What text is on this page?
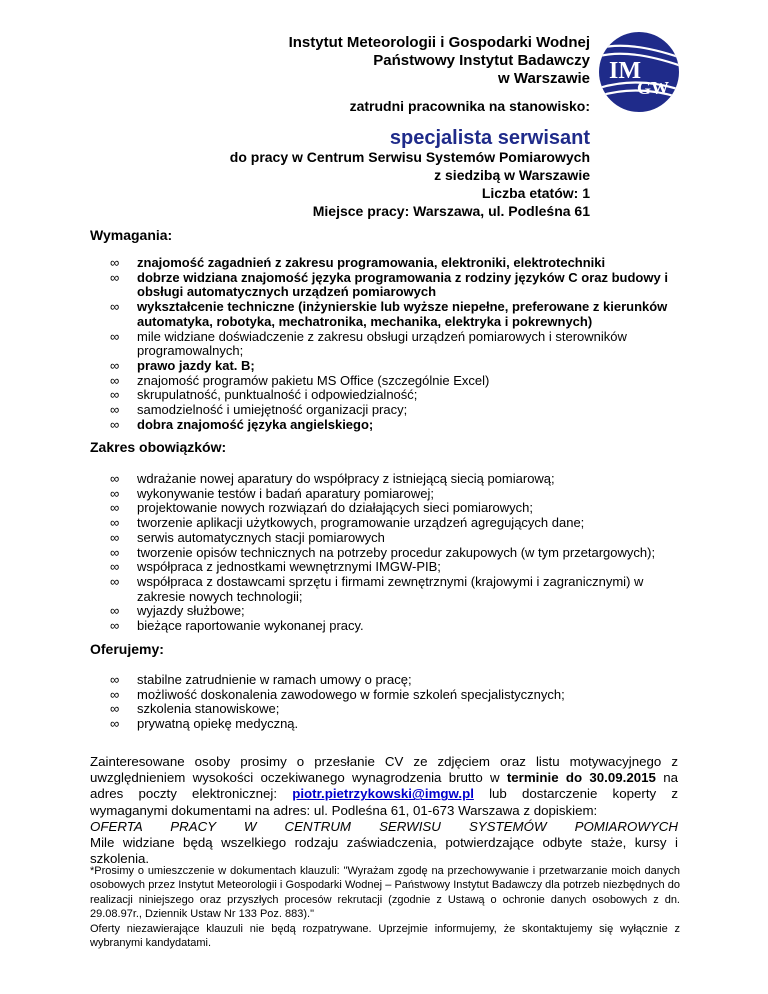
Instytut Meteorologii i Gospodarki Wodnej
Państwowy Instytut Badawczy
w Warszawie IM
GW
zatrudni pracownika na stanowisko:
specjalista serwisant
do pracy w Centrum Serwisu Systemów Pomiarowych
z siedzibą w Warszawie
Liczba etatów: 1
Miejsce pracy: Warszawa, ul. Podleśna 61
Wymagania:
∞ znajomość zagadnień z zakresu programowania, elektroniki, elektrotechniki
∞ dobrze widziana znajomość języka programowania z rodziny języków C oraz budowy i obsługi automatycznych urządzeń pomiarowych
∞ wykształcenie techniczne (inżynierskie lub wyższe niepełne, preferowane z kierunków automatyka, robotyka, mechatronika, mechanika, elektryka i pokrewnych)
∞ mile widziane doświadczenie z zakresu obsługi urządzeń pomiarowych i sterowników programowalnych;
∞ prawo jazdy kat. B;
∞ znajomość programów pakietu MS Office (szczególnie Excel)
∞ skrupulatność, punktualność i odpowiedzialność;
∞ samodzielność i umiejętność organizacji pracy;
∞ dobra znajomość języka angielskiego;
Zakres obowiązków:
∞ wdrażanie nowej aparatury do współpracy z istniejącą siecią pomiarową;
∞ wykonywanie testów i badań aparatury pomiarowej;
∞ projektowanie nowych rozwiązań do działających sieci pomiarowych;
∞ tworzenie aplikacji użytkowych, programowanie urządzeń agregujących dane;
∞ serwis automatycznych stacji pomiarowych
∞ tworzenie opisów technicznych na potrzeby procedur zakupowych (w tym przetargowych);
∞ współpraca z jednostkami wewnętrznymi IMGW-PIB;
∞ współpraca z dostawcami sprzętu i firmami zewnętrznymi (krajowymi i zagranicznymi) w zakresie nowych technologii;
∞ wyjazdy służbowe;
∞ bieżące raportowanie wykonanej pracy.
Oferujemy:
∞ stabilne zatrudnienie w ramach umowy o pracę;
∞ możliwość doskonalenia zawodowego w formie szkoleń specjalistycznych;
∞ szkolenia stanowiskowe;
∞ prywatną opiekę medyczną.
Zainteresowane osoby prosimy o przesłanie CV ze zdjęciem oraz listu motywacyjnego z uwzględnieniem wysokości oczekiwanego wynagrodzenia brutto w terminie do 30.09.2015 na adres poczty elektronicznej: piotr.pietrzykowski@imgw.pl lub dostarczenie koperty z wymaganymi dokumentami na adres: ul. Podleśna 61, 01-673 Warszawa z dopiskiem:
OFERTA PRACY W CENTRUM SERWISU SYSTEMÓW POMIAROWYCH
Mile widziane będą wszelkiego rodzaju zaświadczenia, potwierdzające odbyte staże, kursy i szkolenia.
*Prosimy o umieszczenie w dokumentach klauzuli: "Wyrażam zgodę na przechowywanie i przetwarzanie moich danych osobowych przez Instytut Meteorologii i Gospodarki Wodnej – Państwowy Instytut Badawczy dla potrzeb niezbędnych do realizacji niniejszego oraz przyszłych procesów rekrutacji (zgodnie z Ustawą o ochronie danych osobowych z dn. 29.08.97r., Dziennik Ustaw Nr 133 Poz. 883)."
Oferty niezawierające klauzuli nie będą rozpatrywane. Uprzejmie informujemy, że skontaktujemy się wyłącznie z wybranymi kandydatami.
